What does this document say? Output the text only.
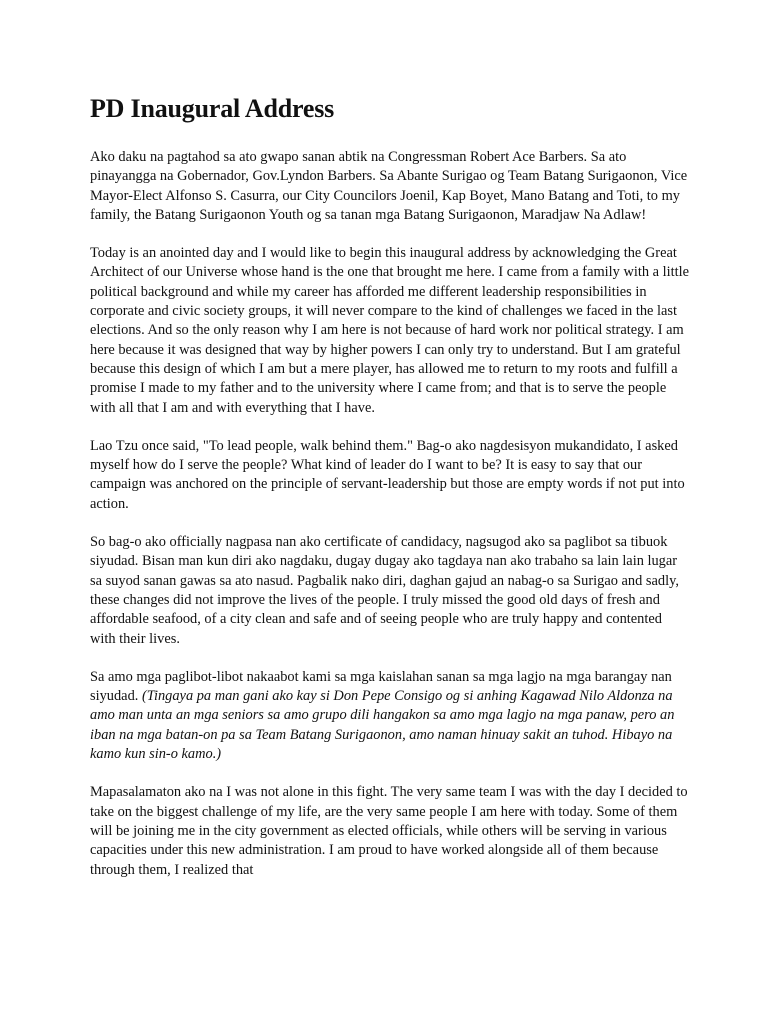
PD Inaugural Address

Ako daku na pagtahod sa ato gwapo sanan abtik na Congressman Robert Ace Barbers. Sa ato pinayangga na Gobernador, Gov.Lyndon Barbers. Sa Abante Surigao og Team Batang Surigaonon, Vice Mayor-Elect Alfonso S. Casurra, our City Councilors Joenil, Kap Boyet, Mano Batang and Toti, to my family, the Batang Surigaonon Youth og sa tanan mga Batang Surigaonon, Maradjaw Na Adlaw!

Today is an anointed day and I would like to begin this inaugural address by acknowledging the Great Architect of our Universe whose hand is the one that brought me here. I came from a family with a little political background and while my career has afforded me different leadership responsibilities in corporate and civic society groups, it will never compare to the kind of challenges we faced in the last elections. And so the only reason why I am here is not because of hard work nor political strategy. I am here because it was designed that way by higher powers I can only try to understand. But I am grateful because this design of which I am but a mere player, has allowed me to return to my roots and fulfill a promise I made to my father and to the university where I came from; and that is to serve the people with all that I am and with everything that I have.

Lao Tzu once said, "To lead people, walk behind them." Bag-o ako nagdesisyon mukandidato, I asked myself how do I serve the people? What kind of leader do I want to be? It is easy to say that our campaign was anchored on the principle of servant-leadership but those are empty words if not put into action.

So bag-o ako officially nagpasa nan ako certificate of candidacy, nagsugod ako sa paglibot sa tibuok siyudad. Bisan man kun diri ako nagdaku, dugay dugay ako tagdaya nan ako trabaho sa lain lain lugar sa suyod sanan gawas sa ato nasud. Pagbalik nako diri, daghan gajud an nabag-o sa Surigao and sadly, these changes did not improve the lives of the people. I truly missed the good old days of fresh and affordable seafood, of a city clean and safe and of seeing people who are truly happy and contented with their lives.

Sa amo mga paglibot-libot nakaabot kami sa mga kaislahan sanan sa mga lagjo na mga barangay nan siyudad. (Tingaya pa man gani ako kay si Don Pepe Consigo og si anhing Kagawad Nilo Aldonza na amo man unta an mga seniors sa amo grupo dili hangakon sa amo mga lagjo na mga panaw, pero an iban na mga batan-on pa sa Team Batang Surigaonon, amo naman hinuay sakit an tuhod. Hibayo na kamo kun sin-o kamo.)

Mapasalamaton ako na I was not alone in this fight. The very same team I was with the day I decided to take on the biggest challenge of my life, are the very same people I am here with today. Some of them will be joining me in the city government as elected officials, while others will be serving in various capacities under this new administration. I am proud to have worked alongside all of them because through them, I realized that
